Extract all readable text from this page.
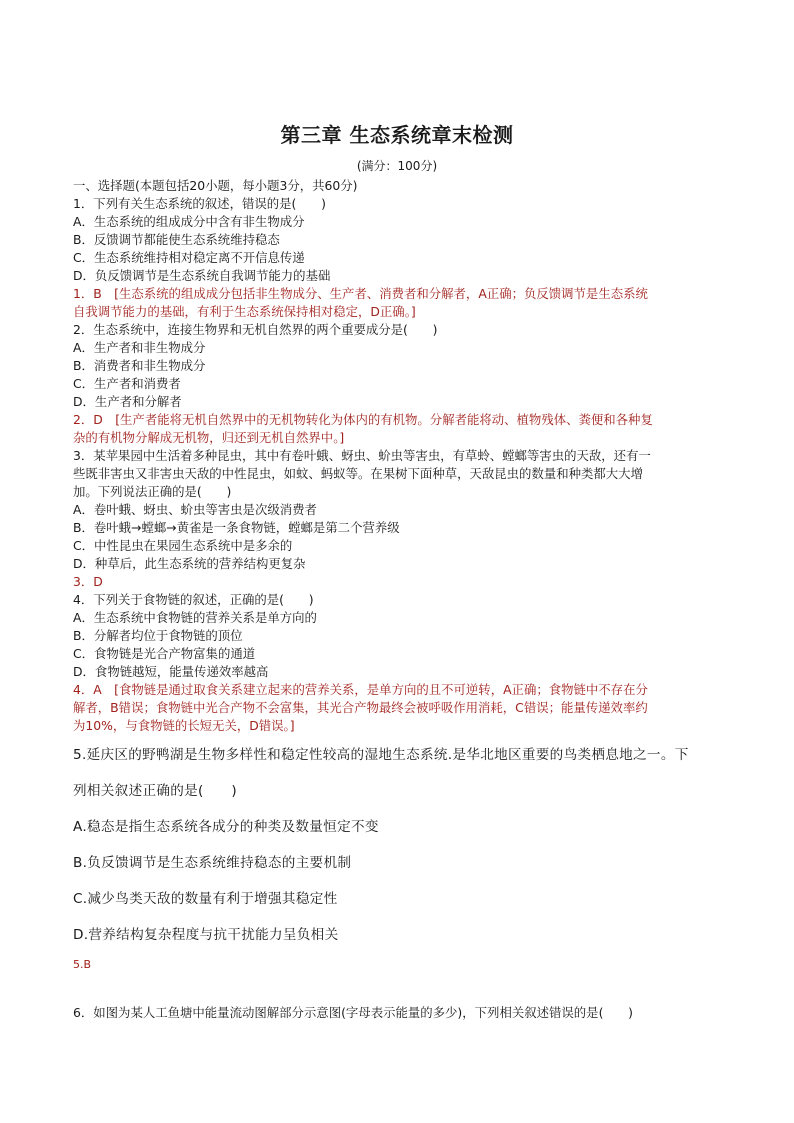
第三章 生态系统章末检测
(满分：100分)
一、选择题(本题包括20小题，每小题3分，共60分)
1．下列有关生态系统的叙述，错误的是(　　)
A．生态系统的组成成分中含有非生物成分
B．反馈调节都能使生态系统维持稳态
C．生态系统维持相对稳定离不开信息传递
D．负反馈调节是生态系统自我调节能力的基础
1．B　[生态系统的组成成分包括非生物成分、生产者、消费者和分解者，A正确；负反馈调节是生态系统
自我调节能力的基础，有利于生态系统保持相对稳定，D正确。]
2．生态系统中，连接生物界和无机自然界的两个重要成分是(　　)
A．生产者和非生物成分
B．消费者和非生物成分
C．生产者和消费者
D．生产者和分解者
2．D　[生产者能将无机自然界中的无机物转化为体内的有机物。分解者能将动、植物残体、粪便和各种复
杂的有机物分解成无机物，归还到无机自然界中。]
3．某苹果园中生活着多种昆虫，其中有卷叶蛾、蚜虫、蚧虫等害虫，有草蛉、螳螂等害虫的天敌，还有一
些既非害虫又非害虫天敌的中性昆虫，如蚊、蚂蚁等。在果树下面种草，天敌昆虫的数量和种类都大大增
加。下列说法正确的是(　　)
A．卷叶蛾、蚜虫、蚧虫等害虫是次级消费者
B．卷叶蛾→螳螂→黄雀是一条食物链，螳螂是第二个营养级
C．中性昆虫在果园生态系统中是多余的
D．种草后，此生态系统的营养结构更复杂
3．D
4．下列关于食物链的叙述，正确的是(　　)
A．生态系统中食物链的营养关系是单方向的
B．分解者均位于食物链的顶位
C．食物链是光合产物富集的通道
D．食物链越短，能量传递效率越高
4．A　[食物链是通过取食关系建立起来的营养关系，是单方向的且不可逆转，A正确；食物链中不存在分
解者，B错误；食物链中光合产物不会富集，其光合产物最终会被呼吸作用消耗，C错误；能量传递效率约
为10%，与食物链的长短无关，D错误。]
5.延庆区的野鸭湖是生物多样性和稳定性较高的湿地生态系统.是华北地区重要的鸟类栖息地之一。下
列相关叙述正确的是(　　)
A.稳态是指生态系统各成分的种类及数量恒定不变
B.负反馈调节是生态系统维持稳态的主要机制
C.减少鸟类天敌的数量有利于增强其稳定性
D.营养结构复杂程度与抗干扰能力呈负相关
5.B
6．如图为某人工鱼塘中能量流动图解部分示意图(字母表示能量的多少)，下列相关叙述错误的是(　　)
